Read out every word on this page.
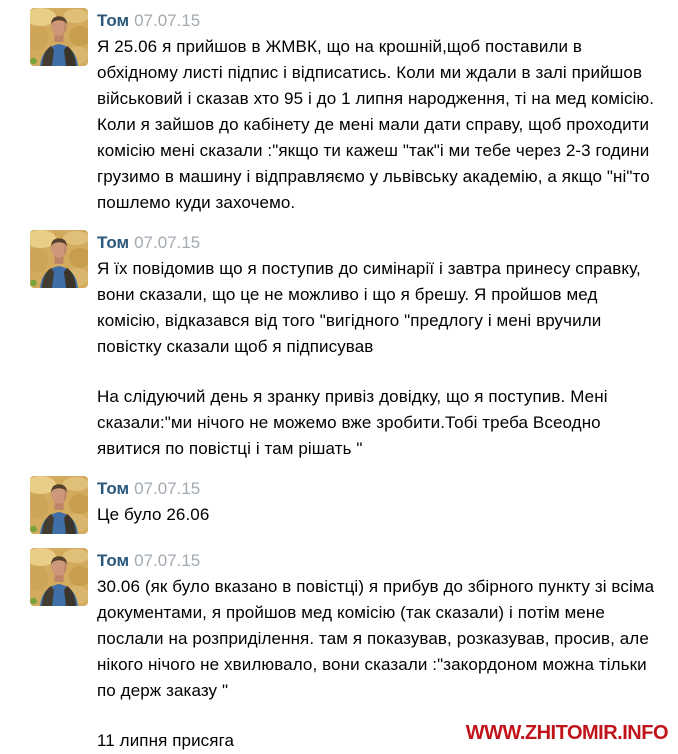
Том 07.07.15
Я 25.06 я прийшов в ЖМВК, що на крошній,щоб поставили в обхідному листі підпис і відписатись. Коли ми ждали в залі прийшов військовий і сказав хто 95 і до 1 липня народження, ті на мед комісію. Коли я зайшов до кабінету де мені мали дати справу, щоб проходити комісію мені сказали :"якщо ти кажеш "так"і ми тебе через 2-3 години грузимо в машину і відправляємо у львівську академію, а якщо "ні"то пошлемо куди захочемо.
Том 07.07.15
Я їх повідомив що я поступив до симінарії і завтра принесу справку, вони сказали, що це не можливо і що я брешу. Я пройшов мед комісію, відказався від того "вигідного "предлогу і мені вручили повістку сказали щоб я підписував
На слідуючий день я зранку привіз довідку, що я поступив. Мені сказали:"ми нічого не можемо вже зробити.Тобі треба Всеодно явитися по повістці і там рішать "
Том 07.07.15
Це було 26.06
Том 07.07.15
30.06 (як було вказано в повістці) я прибув до збірного пункту зі всіма документами, я пройшов мед комісію (так сказали) і потім мене послали на розприділення. там я показував, розказував, просив, але нікого нічого не хвилювало, вони сказали :"закордоном можна тільки по держ заказу "
11 липня присяга	WWW.ZHITOMIR.INFO
